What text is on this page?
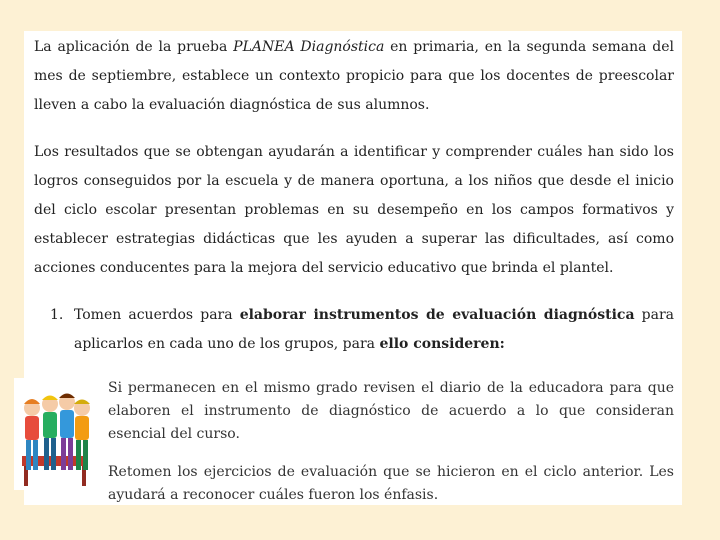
La aplicación de la prueba PLANEA Diagnóstica en primaria, en la segunda semana del mes de septiembre, establece un contexto propicio para que los docentes de preescolar lleven a cabo la evaluación diagnóstica de sus alumnos.
Los resultados que se obtengan ayudarán a identificar y comprender cuáles han sido los logros conseguidos por la escuela y de manera oportuna, a los niños que desde el inicio del ciclo escolar presentan problemas en su desempeño en los campos formativos y establecer estrategias didácticas que les ayuden a superar las dificultades, así como acciones conducentes para la mejora del servicio educativo que brinda el plantel.
1. Tomen acuerdos para elaborar instrumentos de evaluación diagnóstica para aplicarlos en cada uno de los grupos, para ello consideren:
Si permanecen en el mismo grado revisen el diario de la educadora para que elaboren el instrumento de diagnóstico de acuerdo a lo que consideran esencial del curso.
Retomen los ejercicios de evaluación que se hicieron en el ciclo anterior. Les ayudará a reconocer cuáles fueron los énfasis.
